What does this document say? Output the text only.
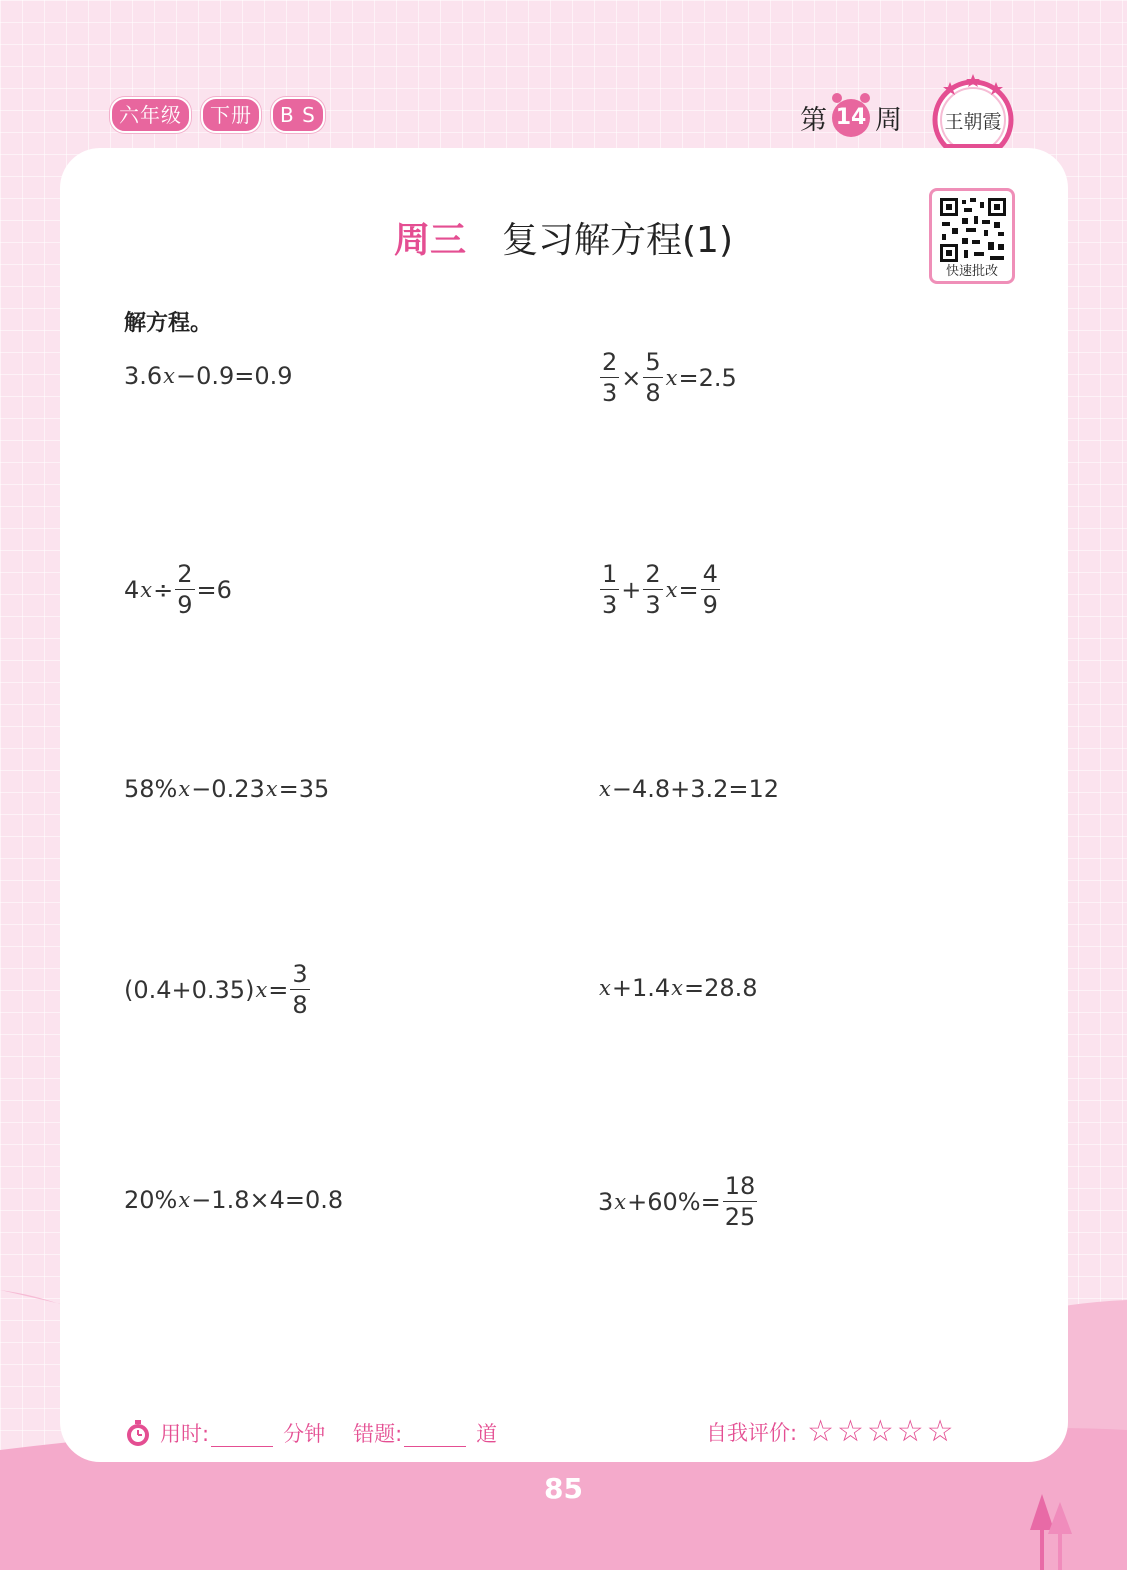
六年级	下册	B S	第 14 周 王朝霞
周三 复习解方程(1)
快速批改
解方程。
3.6 x −0.9=0.9	$\frac{2}{3} \times \frac{5}{8}$ x =2.5
4 $x \div \frac{2}{9} =6$	$\frac{1}{3} + \frac{2}{3}$ $x = \frac{4}{9}$
58% x −0.23 x =35	x −4.8+3.2=12
(0.4+0.35) $x = \frac{3}{8}$	x +1.4 x =28.8
20% x −1.8×4=0.8	3 $x +60\%= \frac{18}{25}$
用时:	分钟 错题:	道	自我评价: ☆☆☆☆☆
85
